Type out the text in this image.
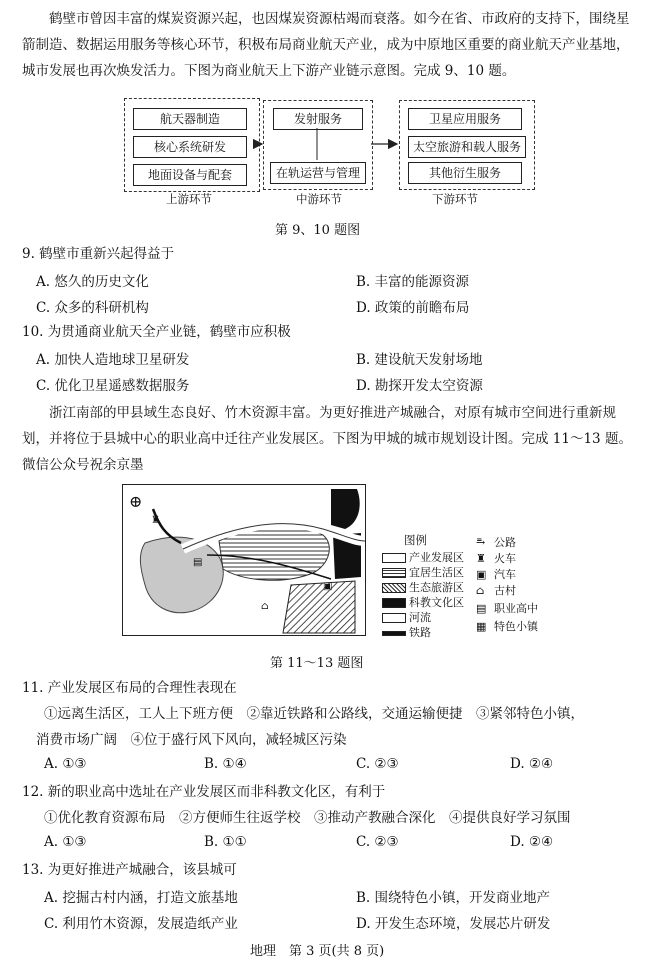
鹤壁市曾因丰富的煤炭资源兴起，也因煤炭资源枯竭而衰落。如今在省、市政府的支持下，围绕星箭制造、数据运用服务等核心环节，积极布局商业航天产业，成为中原地区重要的商业航天产业基地，城市发展也再次焕发活力。下图为商业航天上下游产业链示意图。完成 9、10 题。
航天器制造
核心系统研发
地面设备与配套
上游环节
发射服务
在轨运营与管理
中游环节
卫星应用服务
太空旅游和载人服务
其他衍生服务
下游环节
第 9、10 题图
9. 鹤壁市重新兴起得益于
A. 悠久的历史文化	B. 丰富的能源资源
C. 众多的科研机构	D. 政策的前瞻布局
10. 为贯通商业航天全产业链，鹤壁市应积极
A. 加快人造地球卫星研发	B. 建设航天发射场地
C. 优化卫星遥感数据服务	D. 勘探开发太空资源
浙江南部的甲县域生态良好、竹木资源丰富。为更好推进产城融合，对原有城市空间进行重新规划，并将位于县城中心的职业高中迁往产业发展区。下图为甲城的城市规划设计图。完成 11～13 题。微信公众号祝余京墨
⊕
♜
▣
⌂
▤
图例
产业发展区
宜居生活区
生态旅游区
科教文化区
河流
铁路
⥱ 公路
♜ 火车
▣ 汽车
⌂ 古村
▤ 职业高中
▦ 特色小镇
第 11～13 题图
11. 产业发展区布局的合理性表现在
①远离生活区，工人上下班方便　②靠近铁路和公路线，交通运输便捷　③紧邻特色小镇，
消费市场广阔　④位于盛行风下风向，减轻城区污染
A. ①③	B. ①④	C. ②③	D. ②④
12. 新的职业高中选址在产业发展区而非科教文化区，有利于
①优化教育资源布局　②方便师生往返学校　③推动产教融合深化　④提供良好学习氛围
A. ①③	B. ①①	C. ②③	D. ②④
13. 为更好推进产城融合，该县城可
A. 挖掘古村内涵，打造文旅基地	B. 围绕特色小镇，开发商业地产
C. 利用竹木资源，发展造纸产业	D. 开发生态环境，发展芯片研发
地理　第 3 页(共 8 页)
